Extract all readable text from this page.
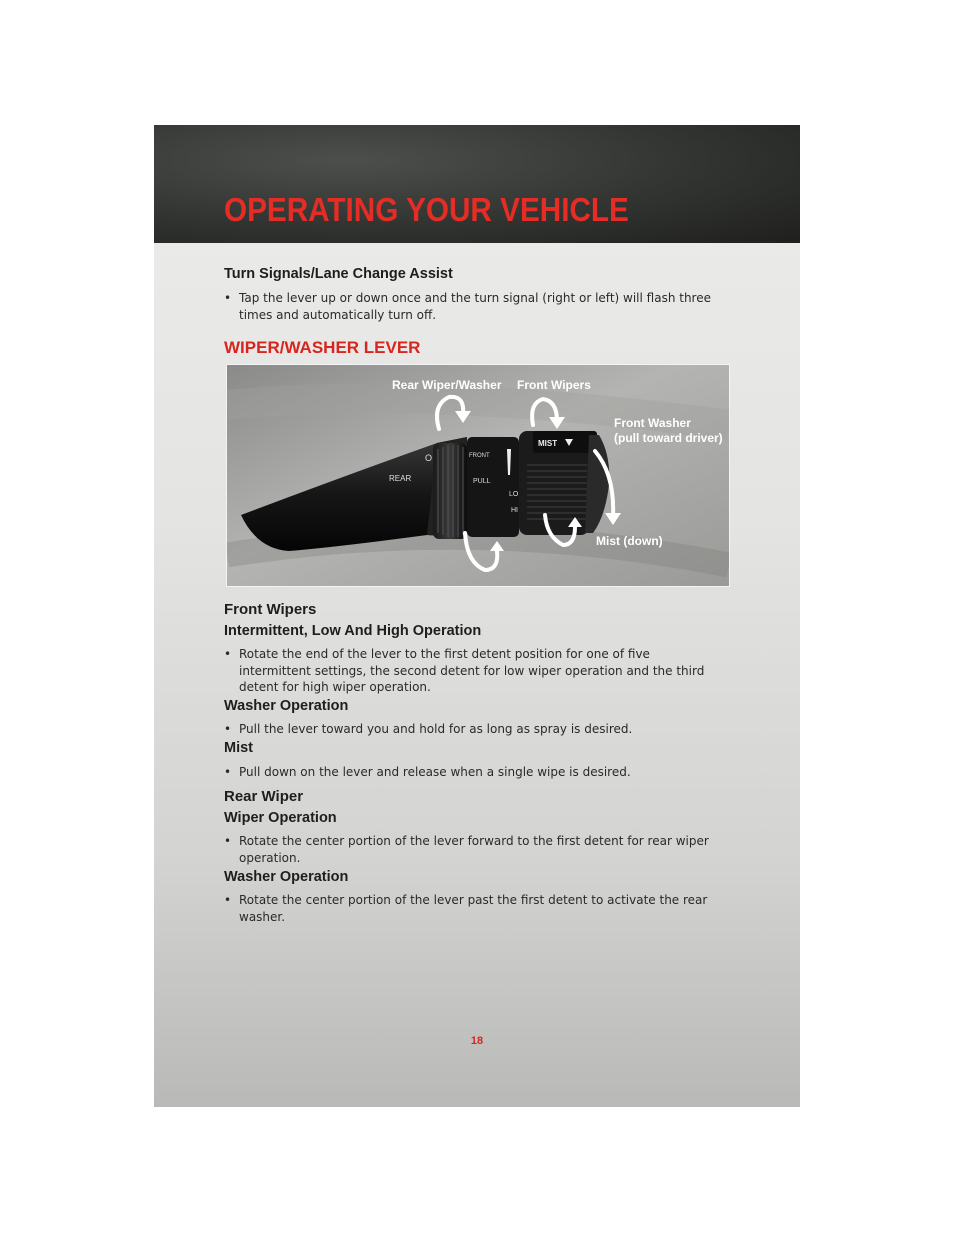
OPERATING YOUR VEHICLE
Turn Signals/Lane Change Assist
• Tap the lever up or down once and the turn signal (right or left) will flash three times and automatically turn off.
WIPER/WASHER LEVER
O
REAR
FRONT
PULL
MIST
LO
HI
Rear Wiper/Washer Front Wipers
Front Washer
(pull toward driver)
Mist (down)
Front Wipers
Intermittent, Low And High Operation
• Rotate the end of the lever to the first detent position for one of five intermittent settings, the second detent for low wiper operation and the third detent for high wiper operation.
Washer Operation
• Pull the lever toward you and hold for as long as spray is desired.
Mist
• Pull down on the lever and release when a single wipe is desired.
Rear Wiper
Wiper Operation
• Rotate the center portion of the lever forward to the first detent for rear wiper operation.
Washer Operation
• Rotate the center portion of the lever past the first detent to activate the rear washer.
18
